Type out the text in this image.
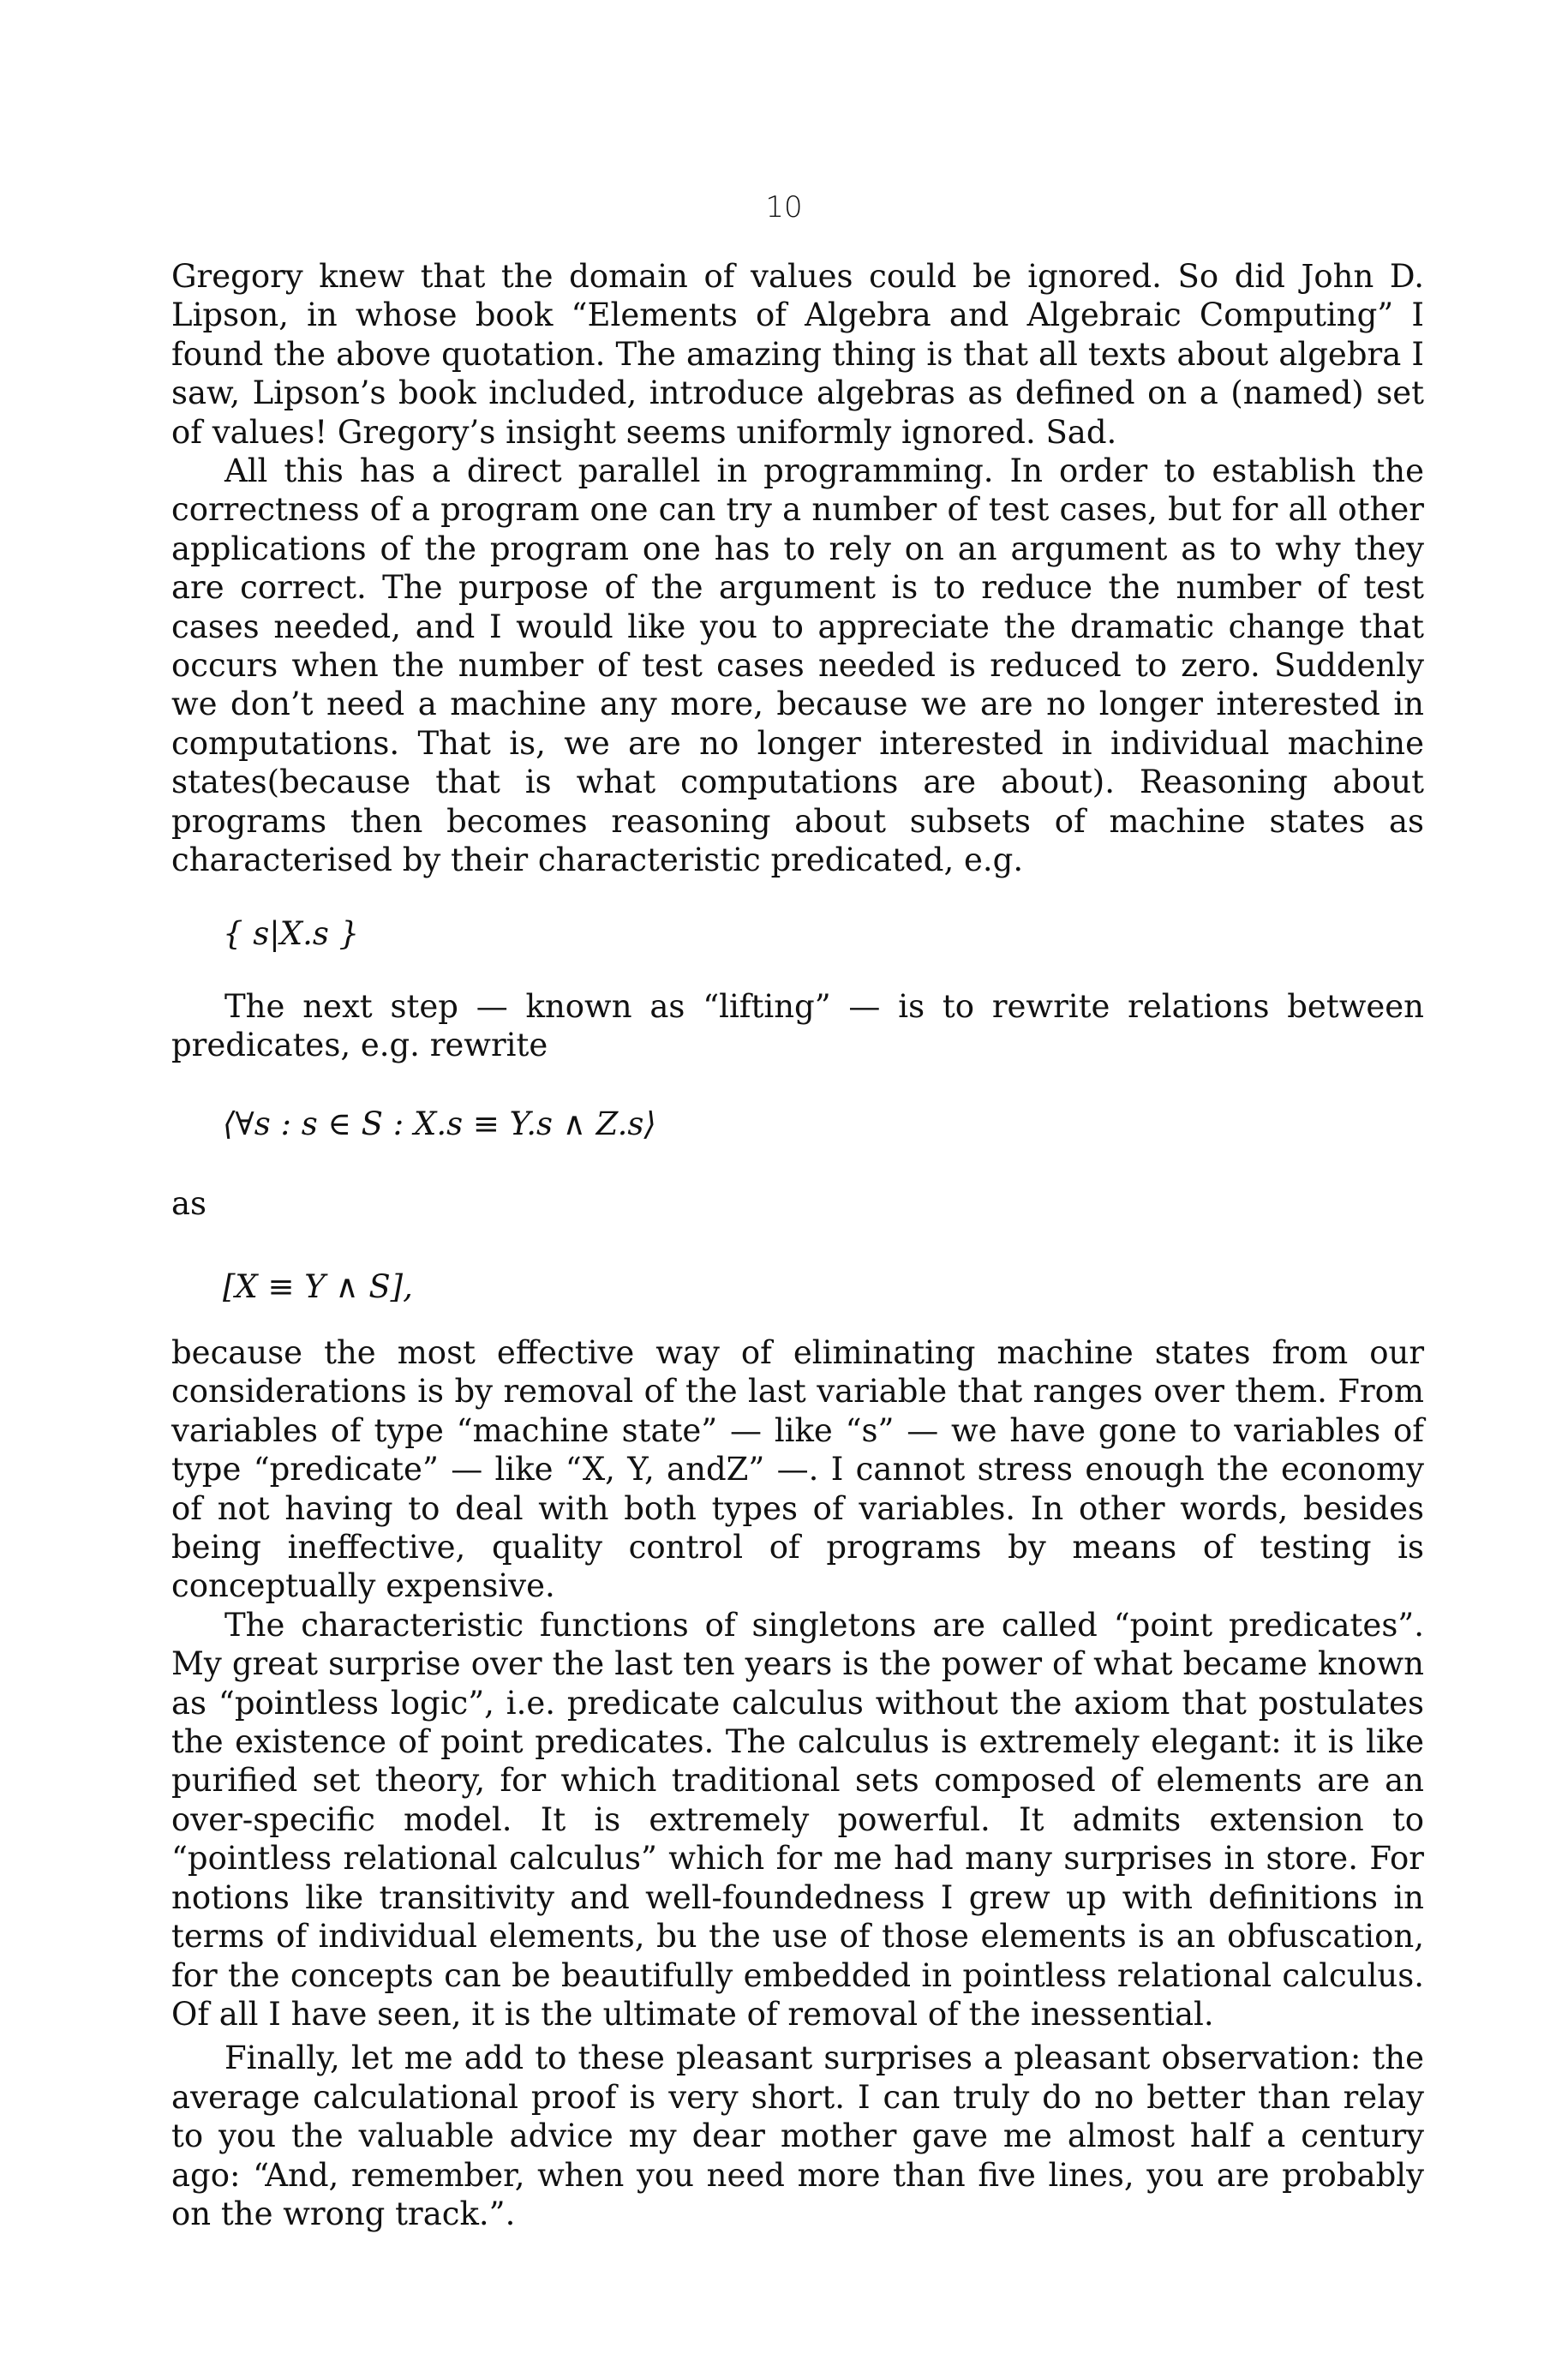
10

Gregory knew that the domain of values could be ignored. So did John D. Lipson, in whose book “Elements of Algebra and Algebraic Computing” I found the above quotation. The amazing thing is that all texts about algebra I saw, Lipson’s book included, introduce algebras as defined on a (named) set of values! Gregory’s insight seems uniformly ignored. Sad.

All this has a direct parallel in programming. In order to establish the correctness of a program one can try a number of test cases, but for all other applications of the program one has to rely on an argument as to why they are correct. The purpose of the argument is to reduce the number of test cases needed, and I would like you to appreciate the dramatic change that occurs when the number of test cases needed is reduced to zero. Suddenly we don’t need a machine any more, because we are no longer interested in computations. That is, we are no longer interested in individual machine states(because that is what computations are about). Reasoning about programs then becomes reasoning about subsets of machine states as characterised by their characteristic predicated, e.g.

{ s|X.s }

The next step — known as “lifting” — is to rewrite relations between predicates, e.g. rewrite

⟨∀s : s ∈ S : X.s ≡ Y.s ∧ Z.s⟩
as
[X ≡ Y ∧ S],

because the most effective way of eliminating machine states from our considerations is by removal of the last variable that ranges over them. From variables of type “machine state” — like “s” — we have gone to variables of type “predicate” — like “X, Y, andZ” —. I cannot stress enough the economy of not having to deal with both types of variables. In other words, besides being ineffective, quality control of programs by means of testing is conceptually expensive.

The characteristic functions of singletons are called “point predicates”. My great surprise over the last ten years is the power of what became known as “pointless logic”, i.e. predicate calculus without the axiom that postulates the existence of point predicates. The calculus is extremely elegant: it is like purified set theory, for which traditional sets composed of elements are an over-specific model. It is extremely powerful. It admits extension to “pointless relational calculus” which for me had many surprises in store. For notions like transitivity and well-foundedness I grew up with definitions in terms of individual elements, bu the use of those elements is an obfuscation, for the concepts can be beautifully embedded in pointless relational calculus. Of all I have seen, it is the ultimate of removal of the inessential.

Finally, let me add to these pleasant surprises a pleasant observation: the average calculational proof is very short. I can truly do no better than relay to you the valuable advice my dear mother gave me almost half a century ago: “And, remember, when you need more than five lines, you are probably on the wrong track.”.
